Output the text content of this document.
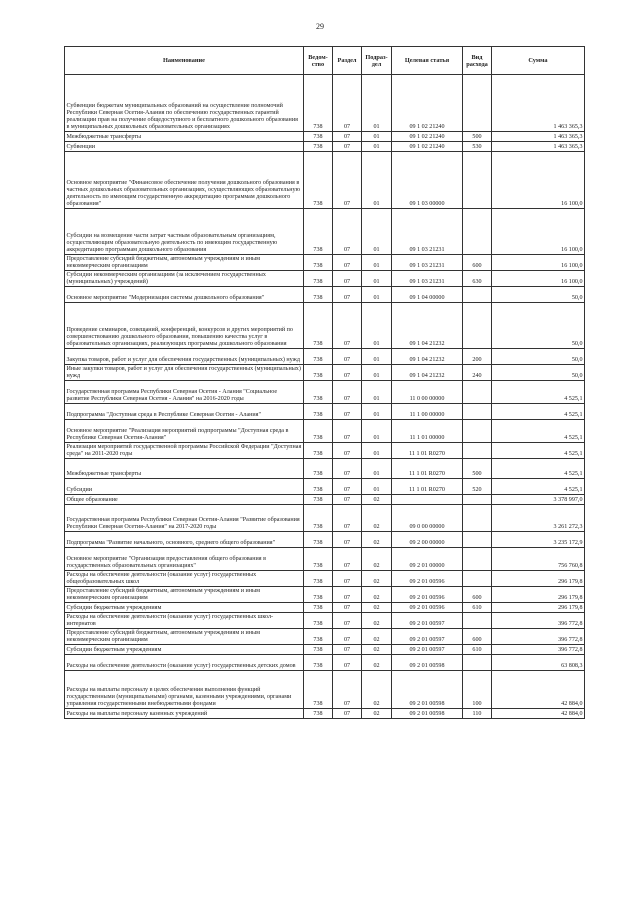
29
Наименование	Ведом-ство	Раздел	Подраз-дел	Целевая статья	Вид расхода	Сумма
Субвенции бюджетам муниципальных образований на осуществление полномочий Республики Северная Осетия-Алания по обеспечению государственных гарантий реализации прав на получение общедоступного и бесплатного дошкольного образования в муниципальных дошкольных образовательных организациях	738	07	01	09 1 02 21240		1 463 365,3
Межбюджетные трансферты	738	07	01	09 1 02 21240	500	1 463 365,3
Субвенции	738	07	01	09 1 02 21240	530	1 463 365,3
Основное мероприятие "Финансовое обеспечение получения дошкольного образования в частных дошкольных образовательных организациях, осуществляющих образовательную деятельность по имеющим государственную аккредитацию программам дошкольного образования"	738	07	01	09 1 03 00000		16 100,0
Субсидии на возмещение части затрат частным образовательным организациям, осуществляющим образовательную деятельность по имеющим государственную аккредитацию программам дошкольного образования	738	07	01	09 1 03 21231		16 100,0
Предоставление субсидий бюджетным, автономным учреждениям и иным некоммерческим организациям	738	07	01	09 1 03 21231	600	16 100,0
Субсидии некоммерческим организациям (за исключением государственных (муниципальных) учреждений)	738	07	01	09 1 03 21231	630	16 100,0
Основное мероприятие "Модернизация системы дошкольного образования"	738	07	01	09 1 04 00000		50,0
Проведение семинаров, совещаний, конференций, конкурсов и других мероприятий по совершенствованию дошкольного образования, повышению качества услуг в образовательных организациях, реализующих программы дошкольного образования	738	07	01	09 1 04 21232		50,0
Закупка товаров, работ и услуг для обеспечения государственных (муниципальных) нужд	738	07	01	09 1 04 21232	200	50,0
Иные закупки товаров, работ и услуг для обеспечения государственных (муниципальных) нужд	738	07	01	09 1 04 21232	240	50,0
Государственная программа Республики Северная Осетия - Алания "Социальное развитие Республики Северная Осетия - Алания" на 2016-2020 годы	738	07	01	11 0 00 00000		4 525,1
Подпрограмма "Доступная среда в Республике Северная Осетия - Алания"	738	07	01	11 1 00 00000		4 525,1
Основное мероприятие "Реализация мероприятий подпрограммы "Доступная среда в Республике Северная Осетия-Алания"	738	07	01	11 1 01 00000		4 525,1
Реализация мероприятий государственной программы Российской Федерации "Доступная среда" на 2011-2020 годы	738	07	01	11 1 01 R0270		4 525,1
Межбюджетные трансферты	738	07	01	11 1 01 R0270	500	4 525,1
Субсидии	738	07	01	11 1 01 R0270	520	4 525,1
Общее образование	738	07	02			3 378 997,0
Государственная программа Республики Северная Осетия-Алания "Развитие образования Республики Северная Осетия-Алания" на 2017-2020 годы	738	07	02	09 0 00 00000		3 261 272,3
Подпрограмма "Развитие начального, основного, среднего общего образования"	738	07	02	09 2 00 00000		3 235 172,9
Основное мероприятие "Организация предоставления общего образования в государственных образовательных организациях"	738	07	02	09 2 01 00000		756 760,8
Расходы на обеспечение деятельности (оказание услуг) государственных общеобразовательных школ	738	07	02	09 2 01 00596		296 179,8
Предоставление субсидий бюджетным, автономным учреждениям и иным некоммерческим организациям	738	07	02	09 2 01 00596	600	296 179,8
Субсидии бюджетным учреждениям	738	07	02	09 2 01 00596	610	296 179,8
Расходы на обеспечение деятельности (оказание услуг) государственных школ-интернатов	738	07	02	09 2 01 00597		396 772,8
Предоставление субсидий бюджетным, автономным учреждениям и иным некоммерческим организациям	738	07	02	09 2 01 00597	600	396 772,8
Субсидии бюджетным учреждениям	738	07	02	09 2 01 00597	610	396 772,8
Расходы на обеспечение деятельности (оказание услуг) государственных детских домов	738	07	02	09 2 01 00598		63 808,3
Расходы на выплаты персоналу в целях обеспечения выполнения функций государственными (муниципальными) органами, казенными учреждениями, органами управления государственными внебюджетными фондами	738	07	02	09 2 01 00598	100	42 884,0
Расходы на выплаты персоналу казенных учреждений	738	07	02	09 2 01 00598	110	42 884,0
